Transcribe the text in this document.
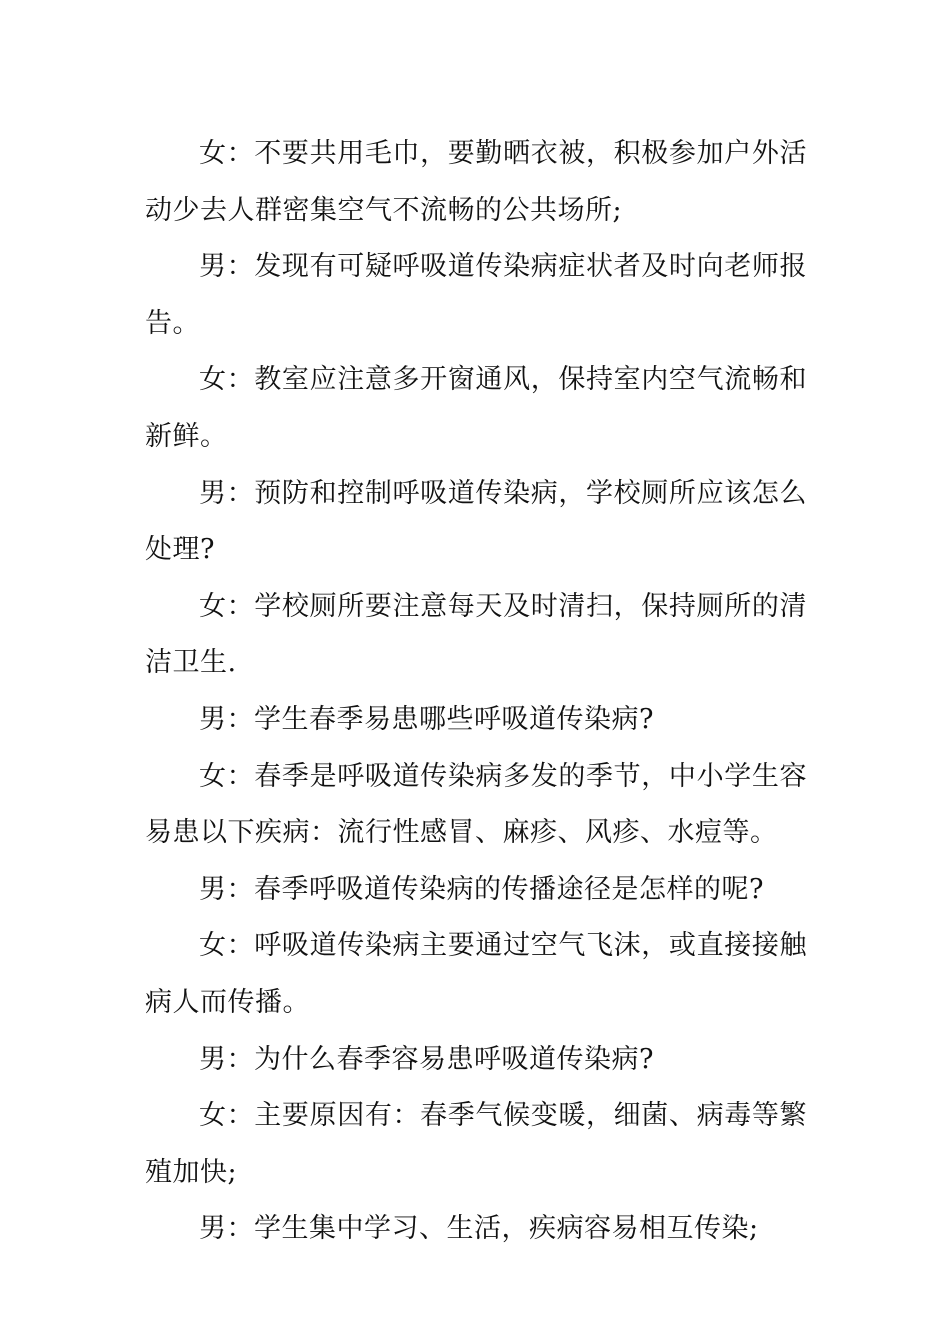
女：不要共用毛巾，要勤晒衣被，积极参加户外活动少去人群密集空气不流畅的公共场所;

男：发现有可疑呼吸道传染病症状者及时向老师报告。

女：教室应注意多开窗通风，保持室内空气流畅和新鲜。

男：预防和控制呼吸道传染病，学校厕所应该怎么处理?

女：学校厕所要注意每天及时清扫，保持厕所的清洁卫生.

男：学生春季易患哪些呼吸道传染病?

女：春季是呼吸道传染病多发的季节，中小学生容易患以下疾病：流行性感冒、麻疹、风疹、水痘等。

男：春季呼吸道传染病的传播途径是怎样的呢?

女：呼吸道传染病主要通过空气飞沫，或直接接触病人而传播。

男：为什么春季容易患呼吸道传染病?

女：主要原因有：春季气候变暖，细菌、病毒等繁殖加快;

男：学生集中学习、生活，疾病容易相互传染;
